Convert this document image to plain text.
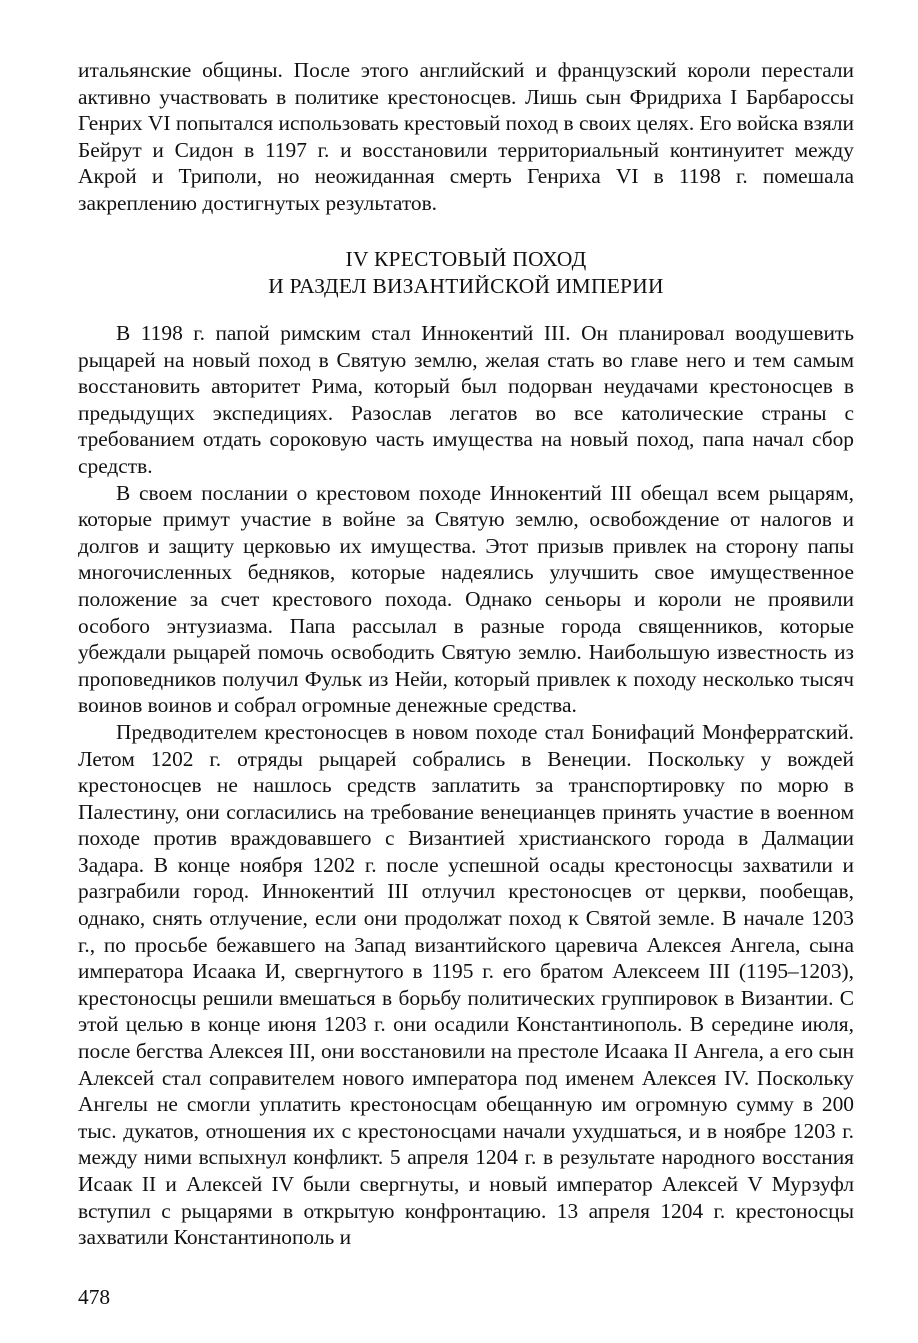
итальянские общины. После этого английский и французский короли перестали активно участвовать в политике крестоносцев. Лишь сын Фридриха I Барбароссы Генрих VI попытался использовать крестовый поход в своих целях. Его войска взяли Бейрут и Сидон в 1197 г. и восстановили территориальный континуитет между Акрой и Триполи, но неожиданная смерть Генриха VI в 1198 г. помешала закреплению достигнутых результатов.

IV КРЕСТОВЫЙ ПОХОД
И РАЗДЕЛ ВИЗАНТИЙСКОЙ ИМПЕРИИ

В 1198 г. папой римским стал Иннокентий III. Он планировал воодушевить рыцарей на новый поход в Святую землю, желая стать во главе него и тем самым восстановить авторитет Рима, который был подорван неудачами крестоносцев в предыдущих экспедициях. Разослав легатов во все католические страны с требованием отдать сороковую часть имущества на новый поход, папа начал сбор средств.

В своем послании о крестовом походе Иннокентий III обещал всем рыцарям, которые примут участие в войне за Святую землю, освобождение от налогов и долгов и защиту церковью их имущества. Этот призыв привлек на сторону папы многочисленных бедняков, которые надеялись улучшить свое имущественное положение за счет крестового похода. Однако сеньоры и короли не проявили особого энтузиазма. Папа рассылал в разные города священников, которые убеждали рыцарей помочь освободить Святую землю. Наибольшую известность из проповедников получил Фульк из Нейи, который привлек к походу несколько тысяч воинов воинов и собрал огромные денежные средства.

Предводителем крестоносцев в новом походе стал Бонифаций Монферратский. Летом 1202 г. отряды рыцарей собрались в Венеции. Поскольку у вождей крестоносцев не нашлось средств заплатить за транспортировку по морю в Палестину, они согласились на требование венецианцев принять участие в военном походе против враждовавшего с Византией христианского города в Далмации Задара. В конце ноября 1202 г. после успешной осады крестоносцы захватили и разграбили город. Иннокентий III отлучил крестоносцев от церкви, пообещав, однако, снять отлучение, если они продолжат поход к Святой земле. В начале 1203 г., по просьбе бежавшего на Запад византийского царевича Алексея Ангела, сына императора Исаака И, свергнутого в 1195 г. его братом Алексеем III (1195–1203), крестоносцы решили вмешаться в борьбу политических группировок в Византии. С этой целью в конце июня 1203 г. они осадили Константинополь. В середине июля, после бегства Алексея III, они восстановили на престоле Исаака II Ангела, а его сын Алексей стал соправителем нового императора под именем Алексея IV. Поскольку Ангелы не смогли уплатить крестоносцам обещанную им огромную сумму в 200 тыс. дукатов, отношения их с крестоносцами начали ухудшаться, и в ноябре 1203 г. между ними вспыхнул конфликт. 5 апреля 1204 г. в результате народного восстания Исаак II и Алексей IV были свергнуты, и новый император Алексей V Мурзуфл вступил с рыцарями в открытую конфронтацию. 13 апреля 1204 г. крестоносцы захватили Константинополь и

478
